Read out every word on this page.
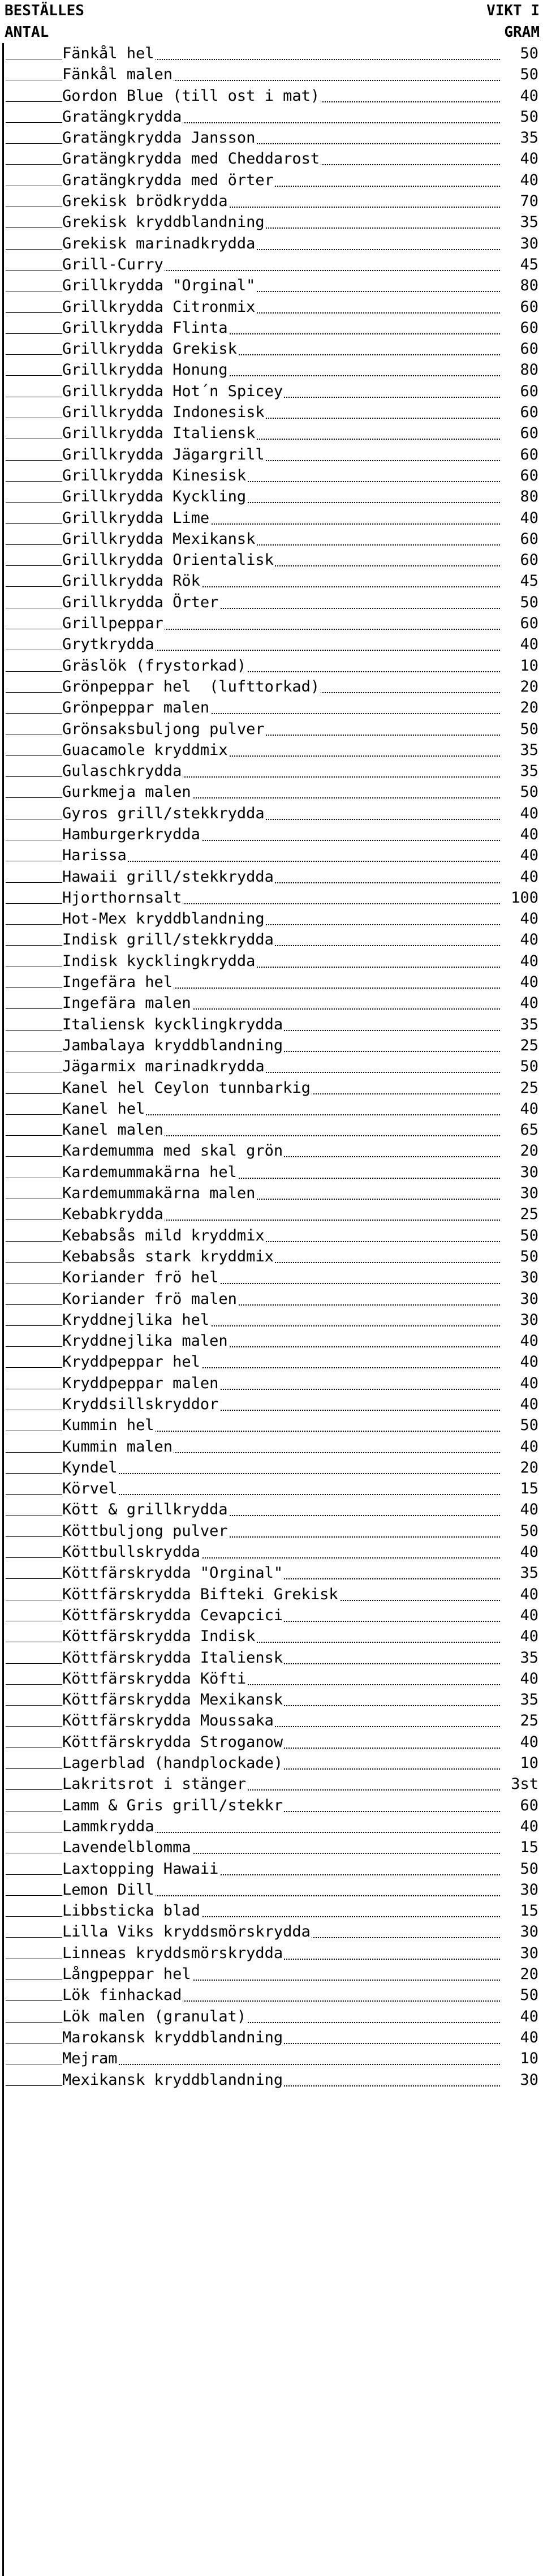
BESTÄLLES
ANTAL
VIKT I
GRAM
Fänkål hel	50
Fänkål malen	50
Gordon Blue (till ost i mat)	40
Gratängkrydda	50
Gratängkrydda Jansson	35
Gratängkrydda med Cheddarost	40
Gratängkrydda med örter	40
Grekisk brödkrydda	70
Grekisk kryddblandning	35
Grekisk marinadkrydda	30
Grill-Curry	45
Grillkrydda "Orginal"	80
Grillkrydda Citronmix	60
Grillkrydda Flinta	60
Grillkrydda Grekisk	60
Grillkrydda Honung	80
Grillkrydda Hot´n Spicey	60
Grillkrydda Indonesisk	60
Grillkrydda Italiensk	60
Grillkrydda Jägargrill	60
Grillkrydda Kinesisk	60
Grillkrydda Kyckling	80
Grillkrydda Lime	40
Grillkrydda Mexikansk	60
Grillkrydda Orientalisk	60
Grillkrydda Rök	45
Grillkrydda Örter	50
Grillpeppar	60
Grytkrydda	40
Gräslök (frystorkad)	10
Grönpeppar hel  (lufttorkad)	20
Grönpeppar malen	20
Grönsaksbuljong pulver	50
Guacamole kryddmix	35
Gulaschkrydda	35
Gurkmeja malen	50
Gyros grill/stekkrydda	40
Hamburgerkrydda	40
Harissa	40
Hawaii grill/stekkrydda	40
Hjorthornsalt	100
Hot-Mex kryddblandning	40
Indisk grill/stekkrydda	40
Indisk kycklingkrydda	40
Ingefära hel	40
Ingefära malen	40
Italiensk kycklingkrydda	35
Jambalaya kryddblandning	25
Jägarmix marinadkrydda	50
Kanel hel Ceylon tunnbarkig	25
Kanel hel	40
Kanel malen	65
Kardemumma med skal grön	20
Kardemummakärna hel	30
Kardemummakärna malen	30
Kebabkrydda	25
Kebabsås mild kryddmix	50
Kebabsås stark kryddmix	50
Koriander frö hel	30
Koriander frö malen	30
Kryddnejlika hel	30
Kryddnejlika malen	40
Kryddpeppar hel	40
Kryddpeppar malen	40
Kryddsillskryddor	40
Kummin hel	50
Kummin malen	40
Kyndel	20
Körvel	15
Kött & grillkrydda	40
Köttbuljong pulver	50
Köttbullskrydda	40
Köttfärskrydda "Orginal"	35
Köttfärskrydda Bifteki Grekisk	40
Köttfärskrydda Cevapcici	40
Köttfärskrydda Indisk	40
Köttfärskrydda Italiensk	35
Köttfärskrydda Köfti	40
Köttfärskrydda Mexikansk	35
Köttfärskrydda Moussaka	25
Köttfärskrydda Stroganow	40
Lagerblad (handplockade)	10
Lakritsrot i stänger	3st
Lamm & Gris grill/stekkr	60
Lammkrydda	40
Lavendelblomma	15
Laxtopping Hawaii	50
Lemon Dill	30
Libbsticka blad	15
Lilla Viks kryddsmörskrydda	30
Linneas kryddsmörskrydda	30
Långpeppar hel	20
Lök finhackad	50
Lök malen (granulat)	40
Marokansk kryddblandning	40
Mejram	10
Mexikansk kryddblandning	30
